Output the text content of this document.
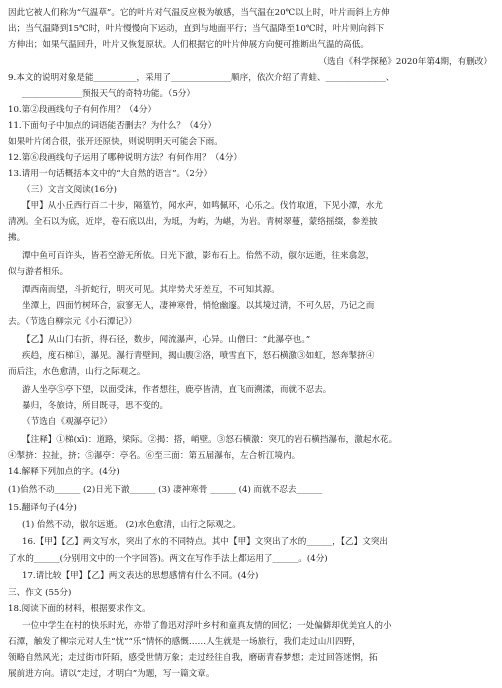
因此它被人们称为“气温草”。它的叶片对气温反应极为敏感，当气温在20℃以上时，叶片而斜上方伸
出；当气温降到15℃时，叶片慢慢向下运动，直到与地面平行；当气温降至10℃时，叶片则向斜下
方伸出；如果气温回升，叶片又恢复原状。人们根据它的叶片伸展方向便可推断出气温的高低。
（选自《科学探秘》2020年第4期，有删改）
9.本文的说明对象是能__________，采用了______________顺序，依次介绍了青蛙、______________、
______________预报天气的奇特功能。（5分）
10.第②段画线句子有何作用？（4分）
11.下面句子中加点的词语能否删去？为什么？（4分）
如果叶片闭合很，张开还原快，则说明明天可能会下雨。
12.第⑥段画线句子运用了哪种说明方法？有何作用？（4分）
13.请用一句话概括本文中的“大自然的语言”。（2分）
（三）文言文阅读(16分)
【甲】从小丘西行百二十步，隔篁竹，闻水声，如鸣佩环，心乐之。伐竹取道，下见小潭，水尤
清冽。全石以为底，近岸，卷石底以出，为坻，为屿，为嵁，为岩。青树翠蔓，蒙络摇缀，参差披
拂。
潭中鱼可百许头，皆若空游无所依。日光下澈，影布石上。佁然不动，俶尔远逝，往来翕忽，
似与游者相乐。
潭西南而望，斗折蛇行，明灭可见。其岸势犬牙差互，不可知其源。
坐潭上，四面竹树环合，寂寥无人，凄神寒骨，悄怆幽邃。以其境过清，不可久居，乃记之而
去。（节选自柳宗元《小石潭记》）
【乙】从山门右折，得石径，数步，闻流瀑声，心异。山僧曰：“此瀑亭也。”
疾趋，度石梯①，瀑见。瀑行青壁间，揭山腹②洛，喷雪直下，怒石横激③如虹，怒奔掣挤④
而后注，水色愈清，山行之际观之。
游人坐亭⑤亭下望，以面受沫，作者想往，鹿亭皆清，直飞而溯漾，而就不忍去。
暴归，冬旅诗，所目既寻，思不变的。
（节选自《观瀑亭记》）
【注释】①梯(xī)：道路，梁际。②揭：搭，峭壁。③怒石横激：突兀的岩石横挡瀑布，激起水花。
④掣挤：拉扯，挤；⑤瀑亭：亭名。⑥至三面：第五届瀑布，左合析江境内。
14.解释下列加点的字。(4分)
(1)佁然不动______ (2)日光下澈______ (3) 凄神寒骨 ______ (4) 而就不忍去______
15.翻译句子(4分)
(1) 佁然不动，俶尔远逝。 (2)水色愈清，山行之际观之。
16.【甲】【乙】两文写水，突出了水的不同特点。其中【甲】文突出了水的______，【乙】文突出
了水的______(分别用文中的一个字回答)。两文在写作手法上都运用了______。(4分)
17.请比较【甲】【乙】两文表达的思想感情有什么不同。(4分)
三、作文 (55分)
18.阅读下面的材料，根据要求作文。
一位中学生在村的快乐时光，亦带了鲁迅对浮叶乡村和童真友情的回忆；一处偏僻却优美宜人的小
石潭，触发了柳宗元对人生“忧”“乐”情怀的感慨……人生就是一场旅行，我们走过山川四野，
领略自然风光；走过街市阡陌，感受世情万象；走过经往自我，磨砺青春梦想；走过回答迷惘，拓
展前进方向。请以“走过，才明白”为题，写一篇文章。
